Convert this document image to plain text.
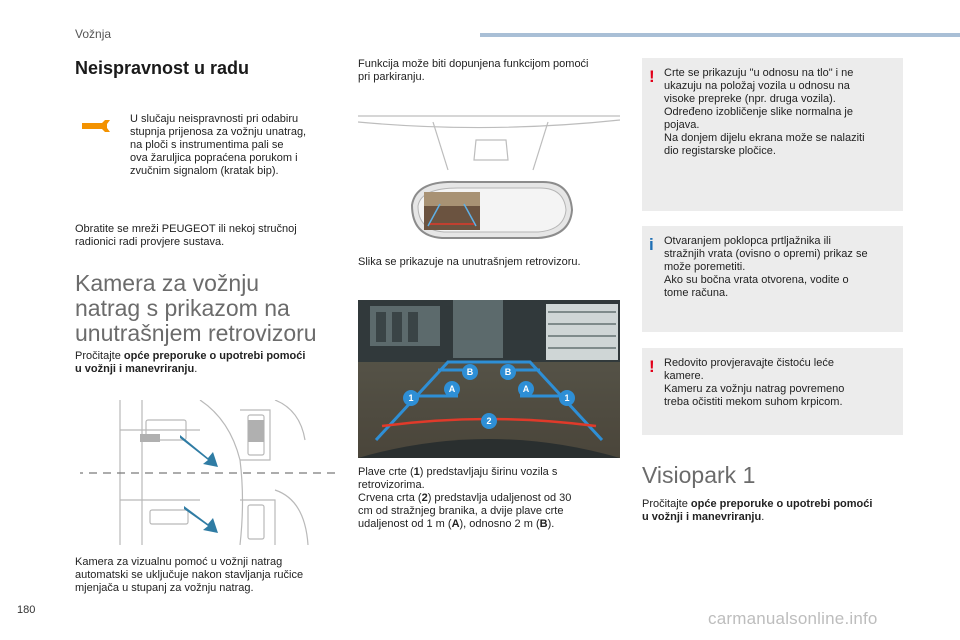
Vožnja
Neispravnost u radu
U slučaju neispravnosti pri odabiru
stupnja prijenosa za vožnju unatrag,
na ploči s instrumentima pali se
ova žaruljica popraćena porukom i
zvučnim signalom (kratak bip).
Obratite se mreži PEUGEOT ili nekoj stručnoj
radionici radi provjere sustava.
Kamera za vožnju
natrag s prikazom na
unutrašnjem retrovizoru
Pročitajte opće preporuke o upotrebi pomoći
u vožnji i manevriranju.
Kamera za vizualnu pomoć u vožnji natrag
automatski se uključuje nakon stavljanja ručice
mjenjača u stupanj za vožnju natrag.
Funkcija može biti dopunjena funkcijom pomoći
pri parkiranju.
Slika se prikazuje na unutrašnjem retrovizoru.
1	1
A	A
B	B
2
Plave crte (1) predstavljaju širinu vozila s
retrovizorima.
Crvena crta (2) predstavlja udaljenost od 30
cm od stražnjeg branika, a dvije plave crte
udaljenost od 1 m (A), odnosno 2 m (B).
! Crte se prikazuju "u odnosu na tlo" i ne
ukazuju na položaj vozila u odnosu na
visoke prepreke (npr. druga vozila).
Određeno izobličenje slike normalna je
pojava.
Na donjem dijelu ekrana može se nalaziti
dio registarske pločice.
i Otvaranjem poklopca prtljažnika ili
stražnjih vrata (ovisno o opremi) prikaz se
može poremetiti.
Ako su bočna vrata otvorena, vodite o
tome računa.
! Redovito provjeravajte čistoću leće
kamere.
Kameru za vožnju natrag povremeno
treba očistiti mekom suhom krpicom.
Visiopark 1
Pročitajte opće preporuke o upotrebi pomoći
u vožnji i manevriranju.
180	carmanualsonline.info
